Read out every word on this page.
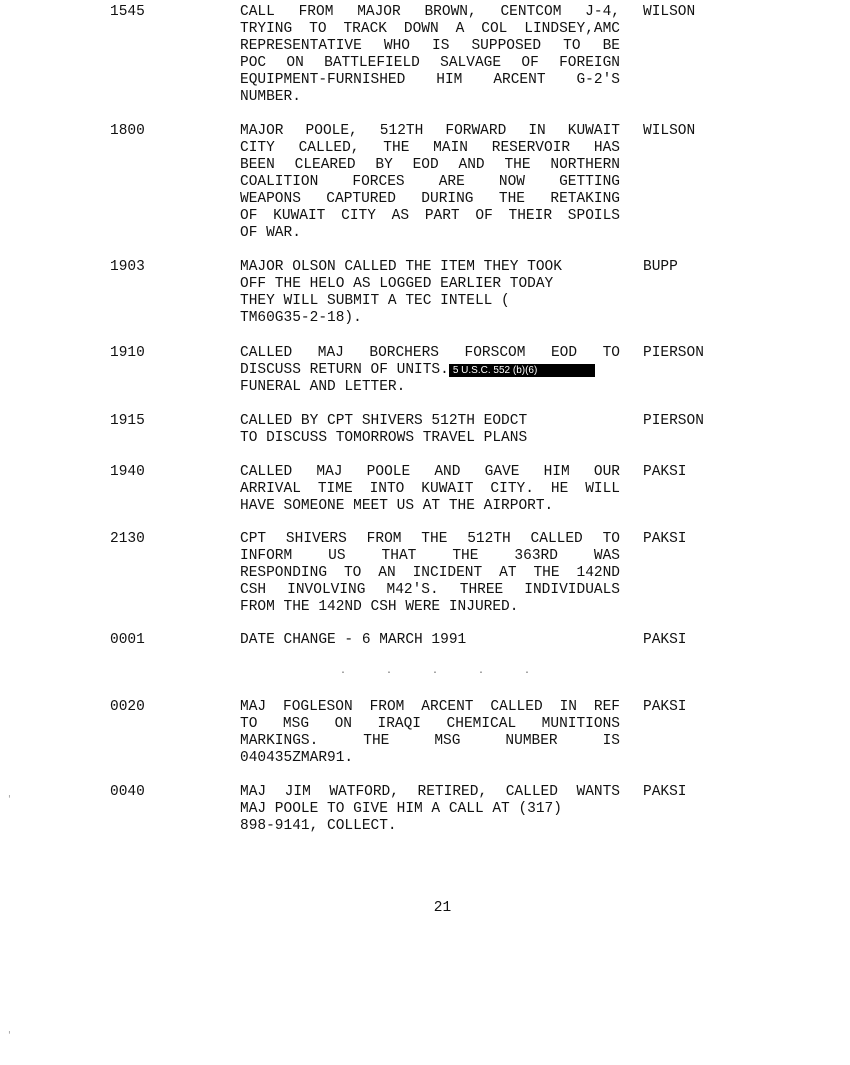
1545	CALL FROM MAJOR BROWN, CENTCOM J-4,
TRYING TO TRACK DOWN A COL LINDSEY,AMC
REPRESENTATIVE WHO IS SUPPOSED TO BE
POC ON BATTLEFIELD SALVAGE OF FOREIGN
EQUIPMENT-FURNISHED HIM ARCENT G-2'S
NUMBER.
WILSON
1800	MAJOR POOLE, 512TH FORWARD IN KUWAIT
CITY CALLED, THE MAIN RESERVOIR HAS
BEEN CLEARED BY EOD AND THE NORTHERN
COALITION FORCES ARE NOW GETTING
WEAPONS CAPTURED DURING THE RETAKING
OF KUWAIT CITY AS PART OF THEIR SPOILS
OF WAR.
WILSON
1903	MAJOR OLSON CALLED THE ITEM THEY TOOK
OFF THE HELO AS LOGGED EARLIER TODAY
THEY WILL SUBMIT A TEC INTELL (
TM60G35-2-18).
BUPP
1910	CALLED MAJ BORCHERS FORSCOM EOD TO
DISCUSS RETURN OF UNITS. 5 U.S.C. 552 (b)(6)
FUNERAL AND LETTER.
PIERSON
1915	CALLED BY CPT SHIVERS 512TH EODCT
TO DISCUSS TOMORROWS TRAVEL PLANS
PIERSON
1940	CALLED MAJ POOLE AND GAVE HIM OUR
ARRIVAL TIME INTO KUWAIT CITY. HE WILL
HAVE SOMEONE MEET US AT THE AIRPORT.
PAKSI
2130	CPT SHIVERS FROM THE 512TH CALLED TO
INFORM US THAT THE 363RD WAS
RESPONDING TO AN INCIDENT AT THE 142ND
CSH INVOLVING M42'S. THREE INDIVIDUALS
FROM THE 142ND CSH WERE INJURED.
PAKSI
0001	DATE CHANGE - 6 MARCH 1991	PAKSI
·····
0020	MAJ FOGLESON FROM ARCENT CALLED IN REF
TO MSG ON IRAQI CHEMICAL MUNITIONS
MARKINGS. THE MSG NUMBER IS
040435ZMAR91.
PAKSI
0040	MAJ JIM WATFORD, RETIRED, CALLED WANTS
MAJ POOLE TO GIVE HIM A CALL AT (317)
898-9141, COLLECT.
PAKSI
21
'
'
